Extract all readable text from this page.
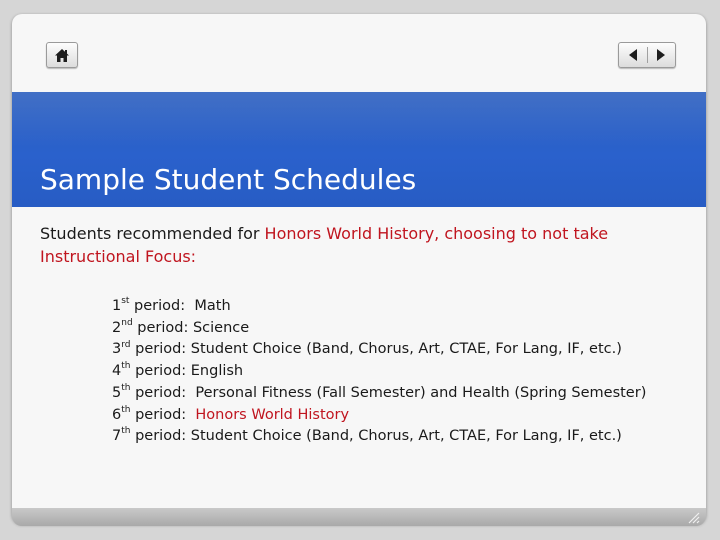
Sample Student Schedules

Students recommended for Honors World History, choosing to not take Instructional Focus:

1st period:  Math
2nd period: Science
3rd period: Student Choice (Band, Chorus, Art, CTAE, For Lang, IF, etc.)
4th period: English
5th period:  Personal Fitness (Fall Semester) and Health (Spring Semester)
6th period:  Honors World History
7th period: Student Choice (Band, Chorus, Art, CTAE, For Lang, IF, etc.)
